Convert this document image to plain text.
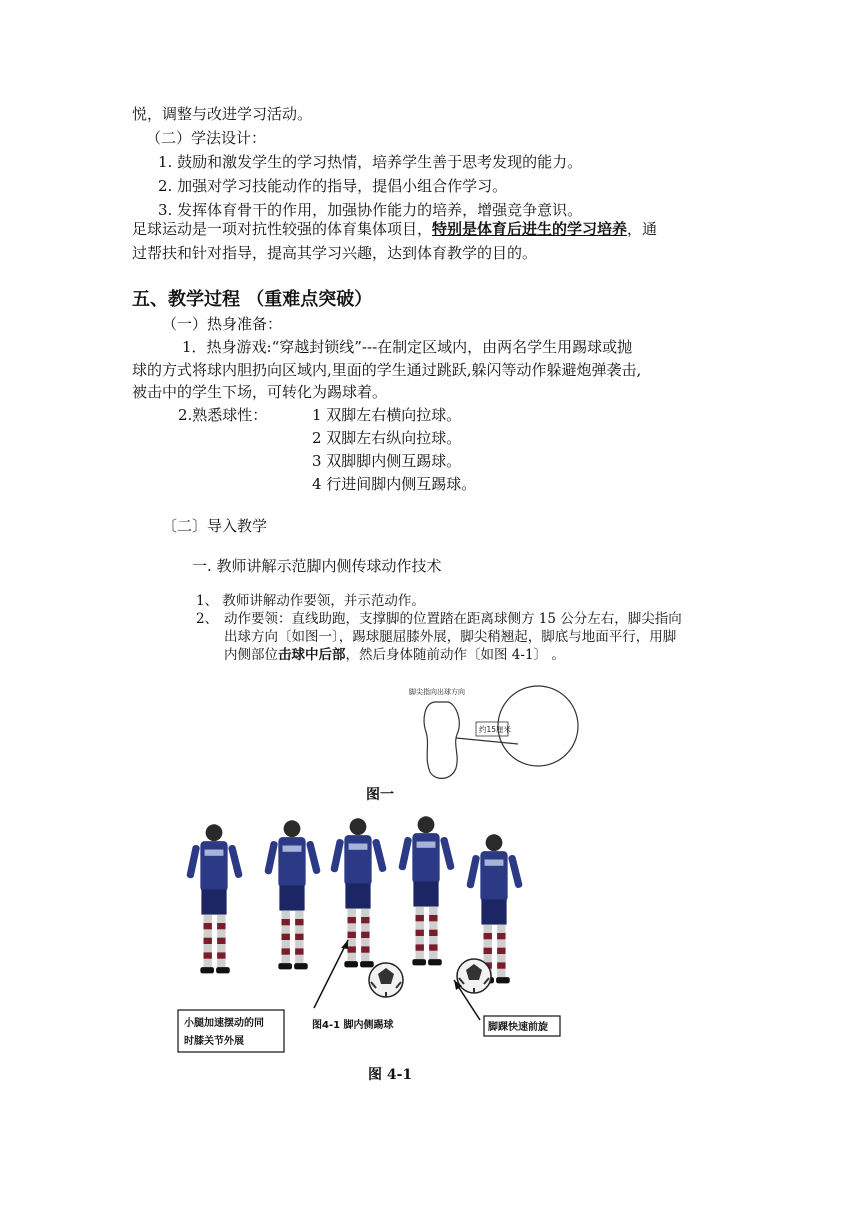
悦，调整与改进学习活动。
（二）学法设计：
1. 鼓励和激发学生的学习热情，培养学生善于思考发现的能力。
2. 加强对学习技能动作的指导，提倡小组合作学习。
3. 发挥体育骨干的作用，加强协作能力的培养，增强竞争意识。
足球运动是一项对抗性较强的体育集体项目，特别是体育后进生的学习培养，通
过帮扶和针对指导，提高其学习兴趣，达到体育教学的目的。
五、教学过程 （重难点突破）
（一）热身准备：
1．热身游戏:“穿越封锁线”---在制定区域内，由两名学生用踢球或抛
球的方式将球内胆扔向区域内,里面的学生通过跳跃,躲闪等动作躲避炮弹袭击,
被击中的学生下场，可转化为踢球着。
2.熟悉球性：	1 双脚左右横向拉球。
2 双脚左右纵向拉球。
3 双脚脚内侧互踢球。
4 行进间脚内侧互踢球。
〔二〕导入教学
一. 教师讲解示范脚内侧传球动作技术
1、 教师讲解动作要领，并示范动作。
2、 动作要领：直线助跑，支撑脚的位置踏在距离球侧方 15 公分左右，脚尖指向
出球方向〔如图一〕，踢球腿屈膝外展，脚尖稍翘起，脚底与地面平行，用脚
内侧部位击球中后部，然后身体随前动作〔如图 4-1〕 。
脚尖指向出球方向
约15厘米
图一
小腿加速摆动的同
时膝关节外展
图4-1 脚内侧踢球	脚踝快速前旋
图 4-1
